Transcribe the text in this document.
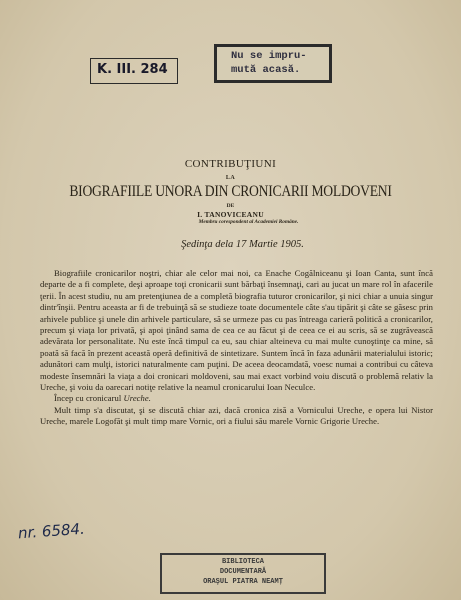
K. III. 284
Nu se impru-
mută acasă.
CONTRIBUŢIUNI
LA
BIOGRAFIILE UNORA DIN CRONICARII MOLDOVENI
DE
I. TANOVICEANU
Membru corespondent al Academiei Române.
Şedinţa dela 17 Martie 1905.

Biografiile cronicarilor noştri, chiar ale celor mai noi, ca Enache Cogălniceanu şi Ioan Canta, sunt încă departe de a fi complete, deşi aproape toţi cronicarii sunt bărbaţi însemnaţi, cari au jucat un mare rol în afacerile ţerii. În acest studiu, nu am pretenţiunea de a completă biografia tuturor cronicarilor, şi nici chiar a unuia singur dintr'înşii. Pentru aceasta ar fi de trebuinţă să se studieze toate documentele câte s'au tipărit şi câte se găsesc prin arhivele publice şi unele din arhivele particulare, să se urmeze pas cu pas întreaga carieră politică a cronicarilor, precum şi viaţa lor privată, şi apoi ţinând sama de cea ce au făcut şi de ceea ce ei au scris, să se zugrăvească adevărata lor personalitate. Nu este încă timpul ca eu, sau chiar alteineva cu mai multe cunoştinţe ca mine, să poată să facă în prezent această operă definitivă de sintetizare. Suntem încă în faza adunării materialului istoric; adunători cam mulţi, istorici naturalmente cam puţini. De aceea deocamdată, voesc numai a contribui cu câteva modeste însemnări la viaţa a doi cronicari moldoveni, sau mai exact vorbind voiu discută o problemă relativ la Ureche, şi voiu da oarecari notiţe relative la neamul cronicarului Ioan Neculce.

Încep cu cronicarul Ureche.

Mult timp s'a discutat, şi se discută chiar azi, dacă cronica zisă a Vornicului Ureche, e opera lui Nistor Ureche, marele Logofăt şi mult timp mare Vornic, ori a fiului său marele Vornic Grigorie Ureche.

nr. 6584.
BIBLIOTECA
DOCUMENTARĂ
ORAŞUL PIATRA NEAMŢ
